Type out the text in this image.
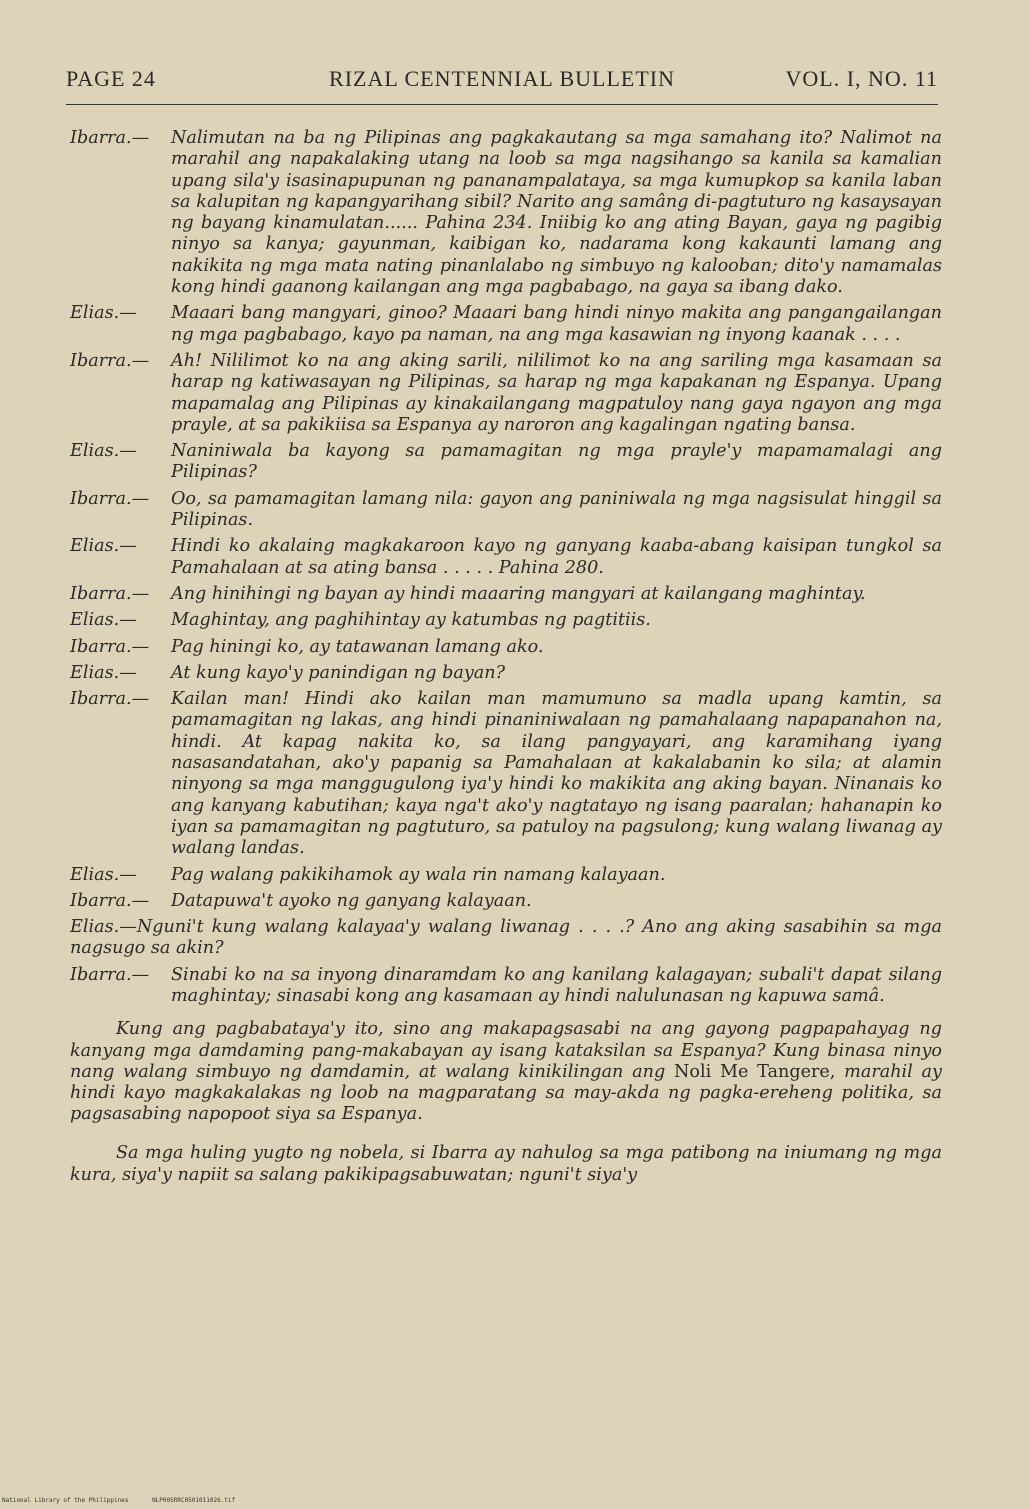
PAGE 24	RIZAL CENTENNIAL BULLETIN	VOL. I, NO. 11
Ibarra.—	Nalimutan na ba ng Pilipinas ang pagkakautang sa mga samahang ito? Nalimot na marahil ang napakalaking utang na loob sa mga nagsihango sa kanila sa kamalian upang sila'y isasinapupunan ng pananampalataya, sa mga kumupkop sa kanila laban sa kalupitan ng kapangyarihang sibil? Narito ang samâng di-pagtuturo ng kasaysayan ng bayang kinamulatan...... Pahina 234. Iniibig ko ang ating Bayan, gaya ng pagibig ninyo sa kanya; gayunman, kaibigan ko, nadarama kong kakaunti lamang ang nakikita ng mga mata nating pinanlalabo ng simbuyo ng kalooban; dito'y namamalas kong hindi gaanong kailangan ang mga pagbabago, na gaya sa ibang dako.
Elias.—	Maaari bang mangyari, ginoo? Maaari bang hindi ninyo makita ang pangangailangan ng mga pagbabago, kayo pa naman, na ang mga kasawian ng inyong kaanak . . . .
Ibarra.—	Ah! Nililimot ko na ang aking sarili, nililimot ko na ang sariling mga kasamaan sa harap ng katiwasayan ng Pilipinas, sa harap ng mga kapakanan ng Espanya. Upang mapamalag ang Pilipinas ay kinakailangang magpatuloy nang gaya ngayon ang mga prayle, at sa pakikiisa sa Espanya ay naroron ang kagalingan ngating bansa.
Elias.—	Naniniwala ba kayong sa pamamagitan ng mga prayle'y mapamamalagi ang Pilipinas?
Ibarra.—	Oo, sa pamamagitan lamang nila: gayon ang paniniwala ng mga nagsisulat hinggil sa Pilipinas.
Elias.—	Hindi ko akalaing magkakaroon kayo ng ganyang kaaba-abang kaisipan tungkol sa Pamahalaan at sa ating bansa . . . . . Pahina 280.
Ibarra.—	Ang hinihingi ng bayan ay hindi maaaring mangyari at kailangang maghintay.
Elias.—	Maghintay, ang paghihintay ay katumbas ng pagtitiis.
Ibarra.—	Pag hiningi ko, ay tatawanan lamang ako.
Elias.—	At kung kayo'y panindigan ng bayan?
Ibarra.—	Kailan man! Hindi ako kailan man mamumuno sa madla upang kamtin, sa pamamagitan ng lakas, ang hindi pinaniniwalaan ng pamahalaang napapanahon na, hindi. At kapag nakita ko, sa ilang pangyayari, ang karamihang iyang nasasandatahan, ako'y papanig sa Pamahalaan at kakalabanin ko sila; at alamin ninyong sa mga manggugulong iya'y hindi ko makikita ang aking bayan. Ninanais ko ang kanyang kabutihan; kaya nga't ako'y nagtatayo ng isang paaralan; hahanapin ko iyan sa pamamagitan ng pagtuturo, sa patuloy na pagsulong; kung walang liwanag ay walang landas.
Elias.—	Pag walang pakikihamok ay wala rin namang kalayaan.
Ibarra.—	Datapuwa't ayoko ng ganyang kalayaan.
Elias.—Nguni't kung walang kalayaa'y walang liwanag . . . .? Ano ang aking sasabihin sa mga nagsugo sa akin?
Ibarra.—	Sinabi ko na sa inyong dinaramdam ko ang kanilang kalagayan; subali't dapat silang maghintay; sinasabi kong ang kasamaan ay hindi nalulunasan ng kapuwa samâ.

Kung ang pagbabataya'y ito, sino ang makapagsasabi na ang gayong pagpapahayag ng kanyang mga damdaming pang-makabayan ay isang kataksilan sa Espanya? Kung binasa ninyo nang walang simbuyo ng damdamin, at walang kinikilingan ang Noli Me Tangere, marahil ay hindi kayo magkakalakas ng loob na magparatang sa may-akda ng pagka-ereheng politika, sa pagsasabing napopoot siya sa Espanya.

Sa mga huling yugto ng nobela, si Ibarra ay nahulog sa mga patibong na iniumang ng mga kura, siya'y napiit sa salang pakikipagsabuwatan; nguni't siya'y

National Library of the Philippines	NLP00SRRC0501011026.tif
